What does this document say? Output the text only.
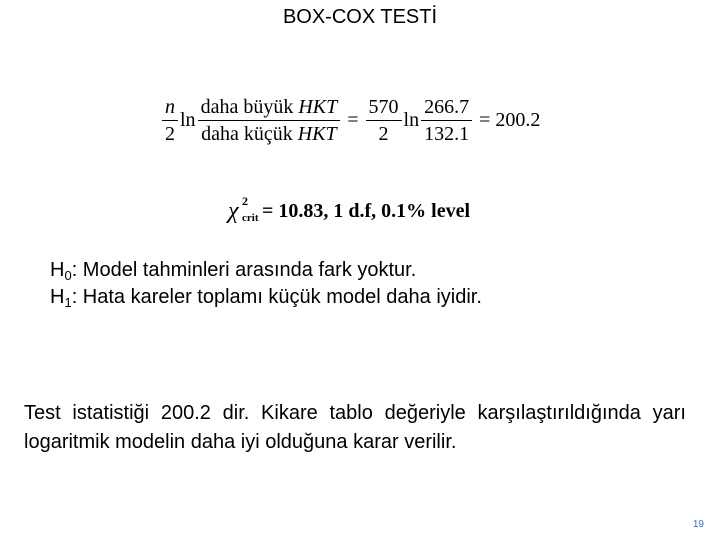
BOX-COX TESTİ
$\frac{n}{2}$ $\ln \frac{\text{daha büyük HKT}}{\text{daha küçük HKT}} = \frac{570}{2}$ $\ln \frac{266.7}{132.1} = 200.2$
χ 2
crit = 10.83, 1 d.f, 0.1% level
$H_0$: Model tahminleri arasında fark yoktur.
$H_1$: Hata kareler toplamı küçük model daha iyidir.
Test istatistiği 200.2 dir. Kikare tablo değeriyle karşılaştırıldığında yarı logaritmik modelin daha iyi olduğuna karar verilir.
19
